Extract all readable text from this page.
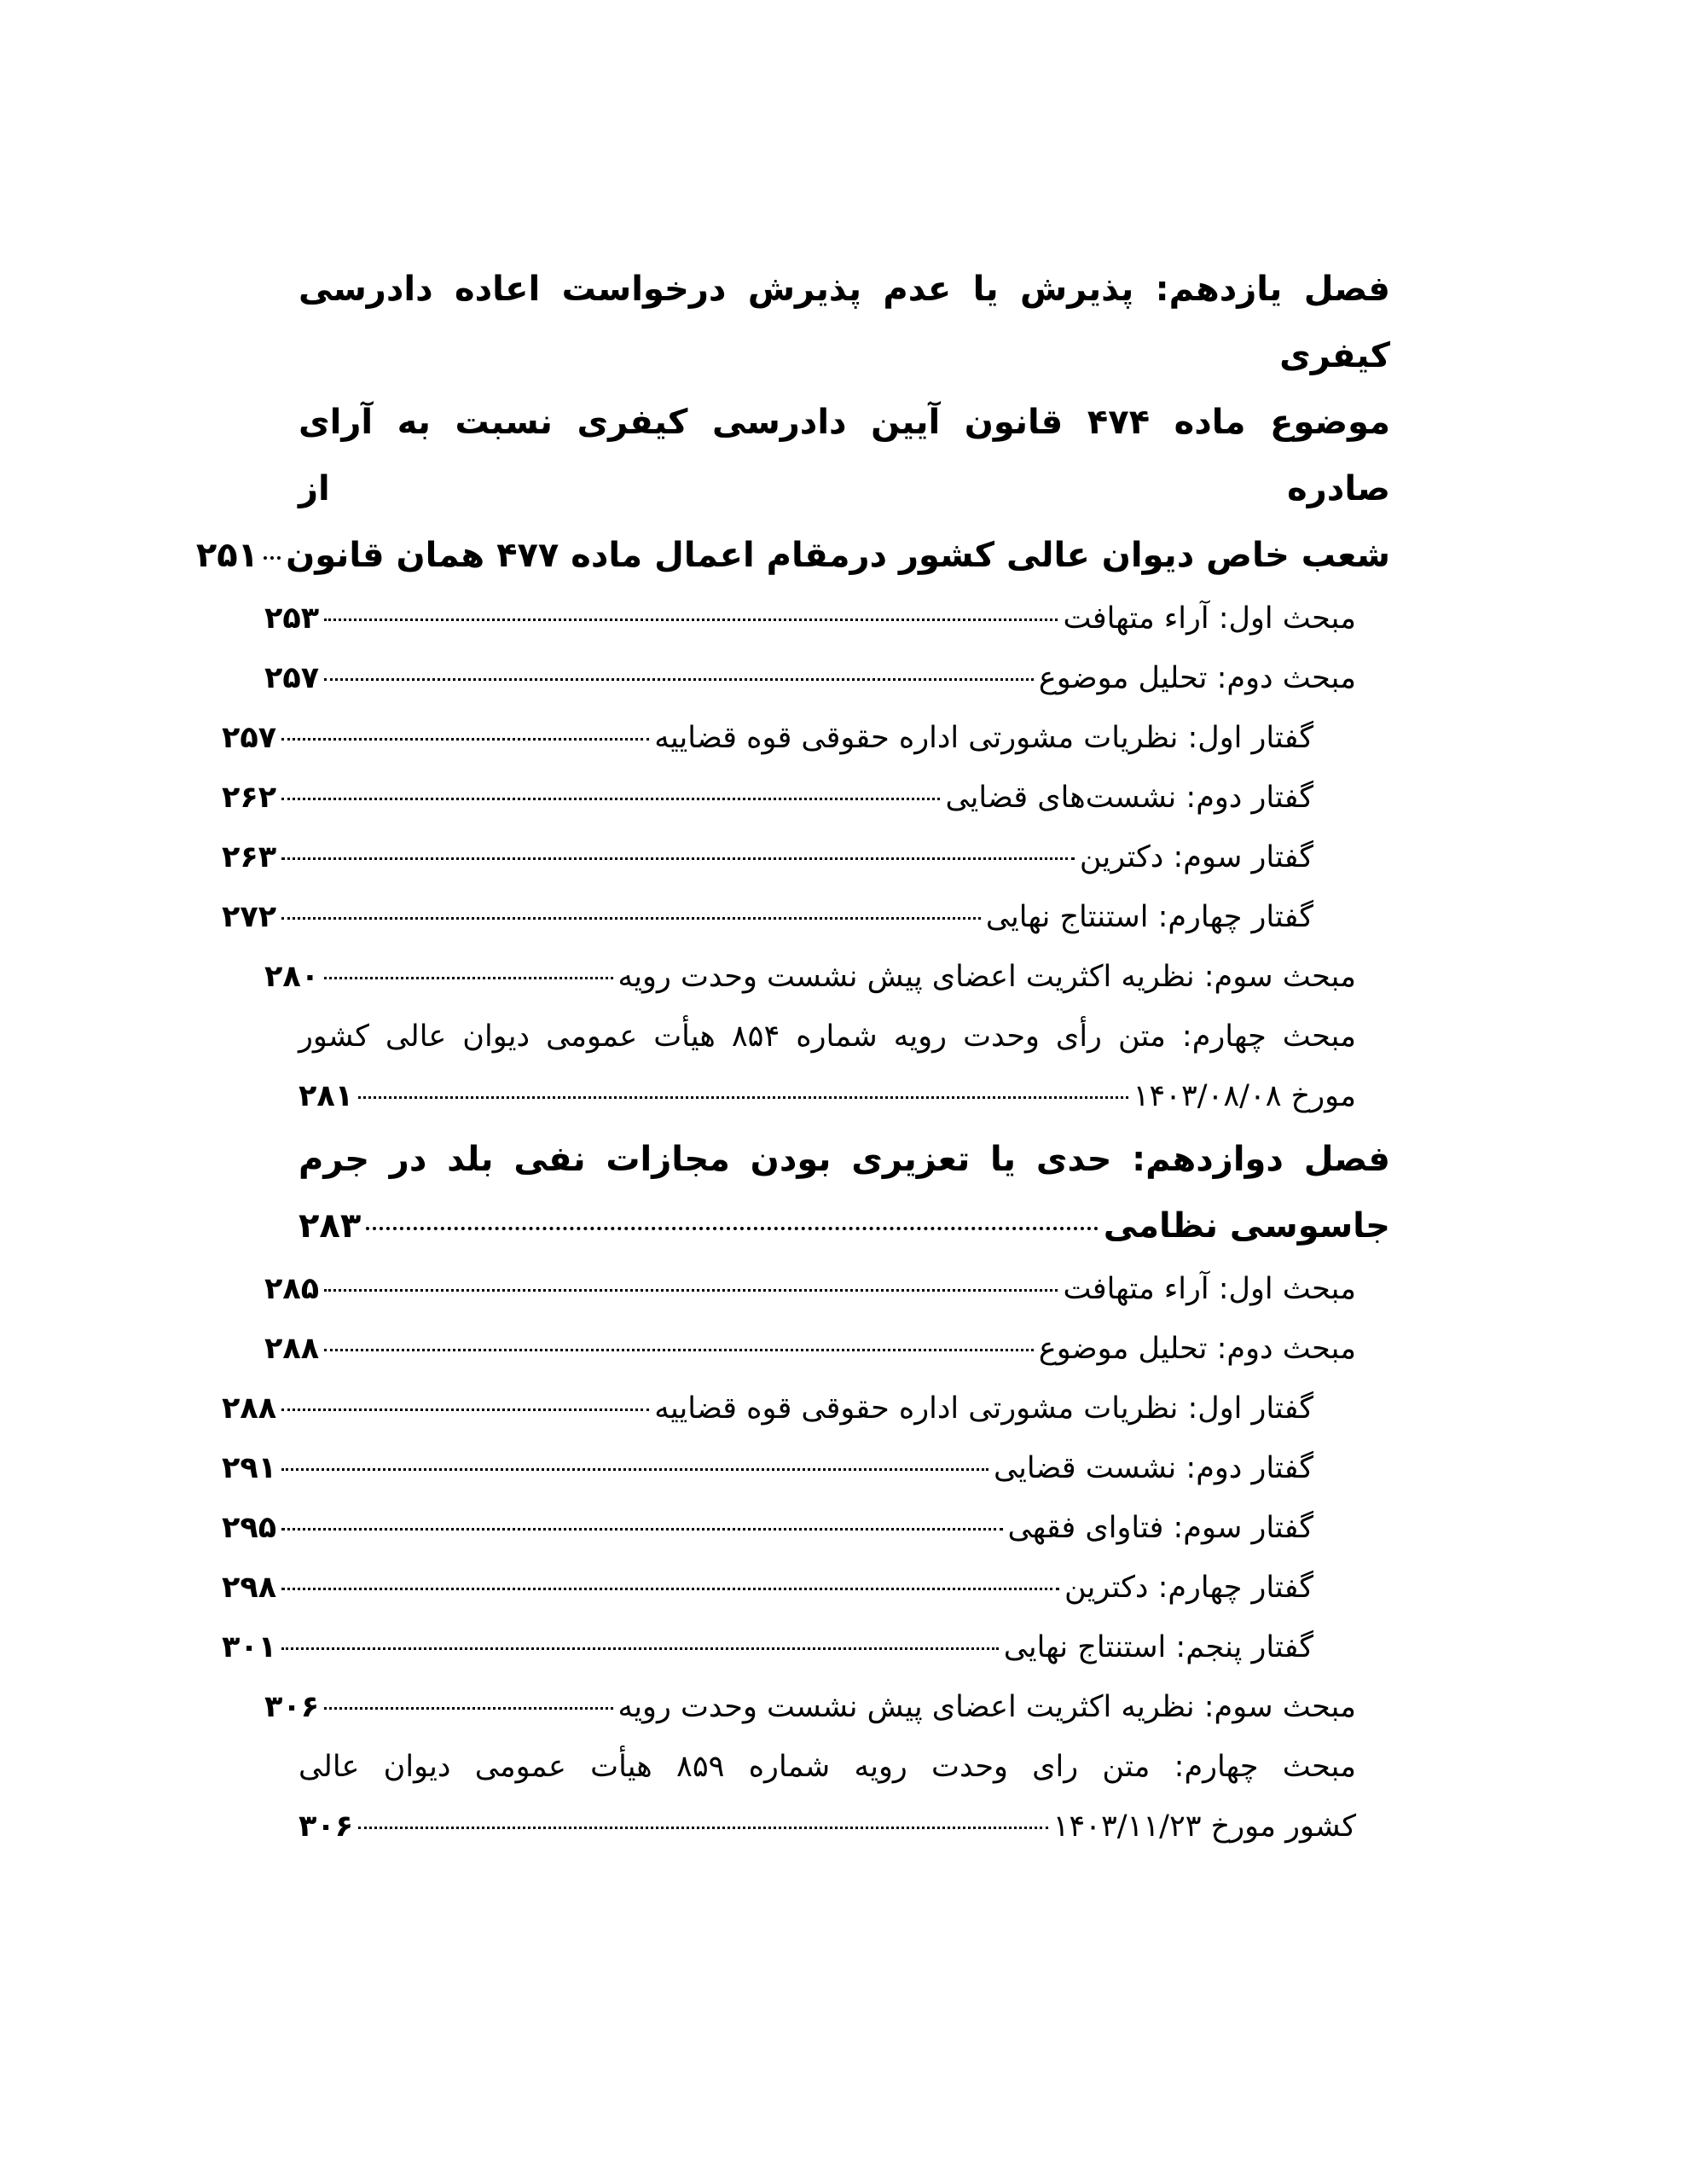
فصل یازدهم: پذیرش یا عدم پذیرش درخواست اعاده دادرسی کیفری
موضوع ماده ۴۷۴ قانون آیین دادرسی کیفری نسبت به آرای صادره از
شعب خاص دیوان عالی کشور درمقام اعمال ماده ۴۷۷ همان قانون
۲۵۱
مبحث اول: آراء متهافت
۲۵۳
مبحث دوم: تحلیل موضوع
۲۵۷
گفتار اول: نظریات مشورتی اداره حقوقی قوه قضاییه
۲۵۷
گفتار دوم: نشست‌های قضایی
۲۶۲
گفتار سوم: دکترین
۲۶۳
گفتار چهارم: استنتاج نهایی
۲۷۲
مبحث سوم: نظریه اکثریت اعضای پیش نشست وحدت رویه
۲۸۰
مبحث چهارم: متن رأی وحدت رویه شماره ۸۵۴ هیأت عمومی دیوان عالی کشور
مورخ ۱۴۰۳/۰۸/۰۸
۲۸۱
فصل دوازدهم: حدی یا تعزیری بودن مجازات نفی بلد در جرم
جاسوسی نظامی
۲۸۳
مبحث اول: آراء متهافت
۲۸۵
مبحث دوم: تحلیل موضوع
۲۸۸
گفتار اول: نظریات مشورتی اداره حقوقی قوه قضاییه
۲۸۸
گفتار دوم: نشست قضایی
۲۹۱
گفتار سوم: فتاوای فقهی
۲۹۵
گفتار چهارم: دکترین
۲۹۸
گفتار پنجم: استنتاج نهایی
۳۰۱
مبحث سوم: نظریه اکثریت اعضای پیش نشست وحدت رویه
۳۰۶
مبحث چهارم: متن رای وحدت رویه شماره ۸۵۹ هیأت عمومی دیوان عالی
کشور مورخ ۱۴۰۳/۱۱/۲۳
۳۰۶
